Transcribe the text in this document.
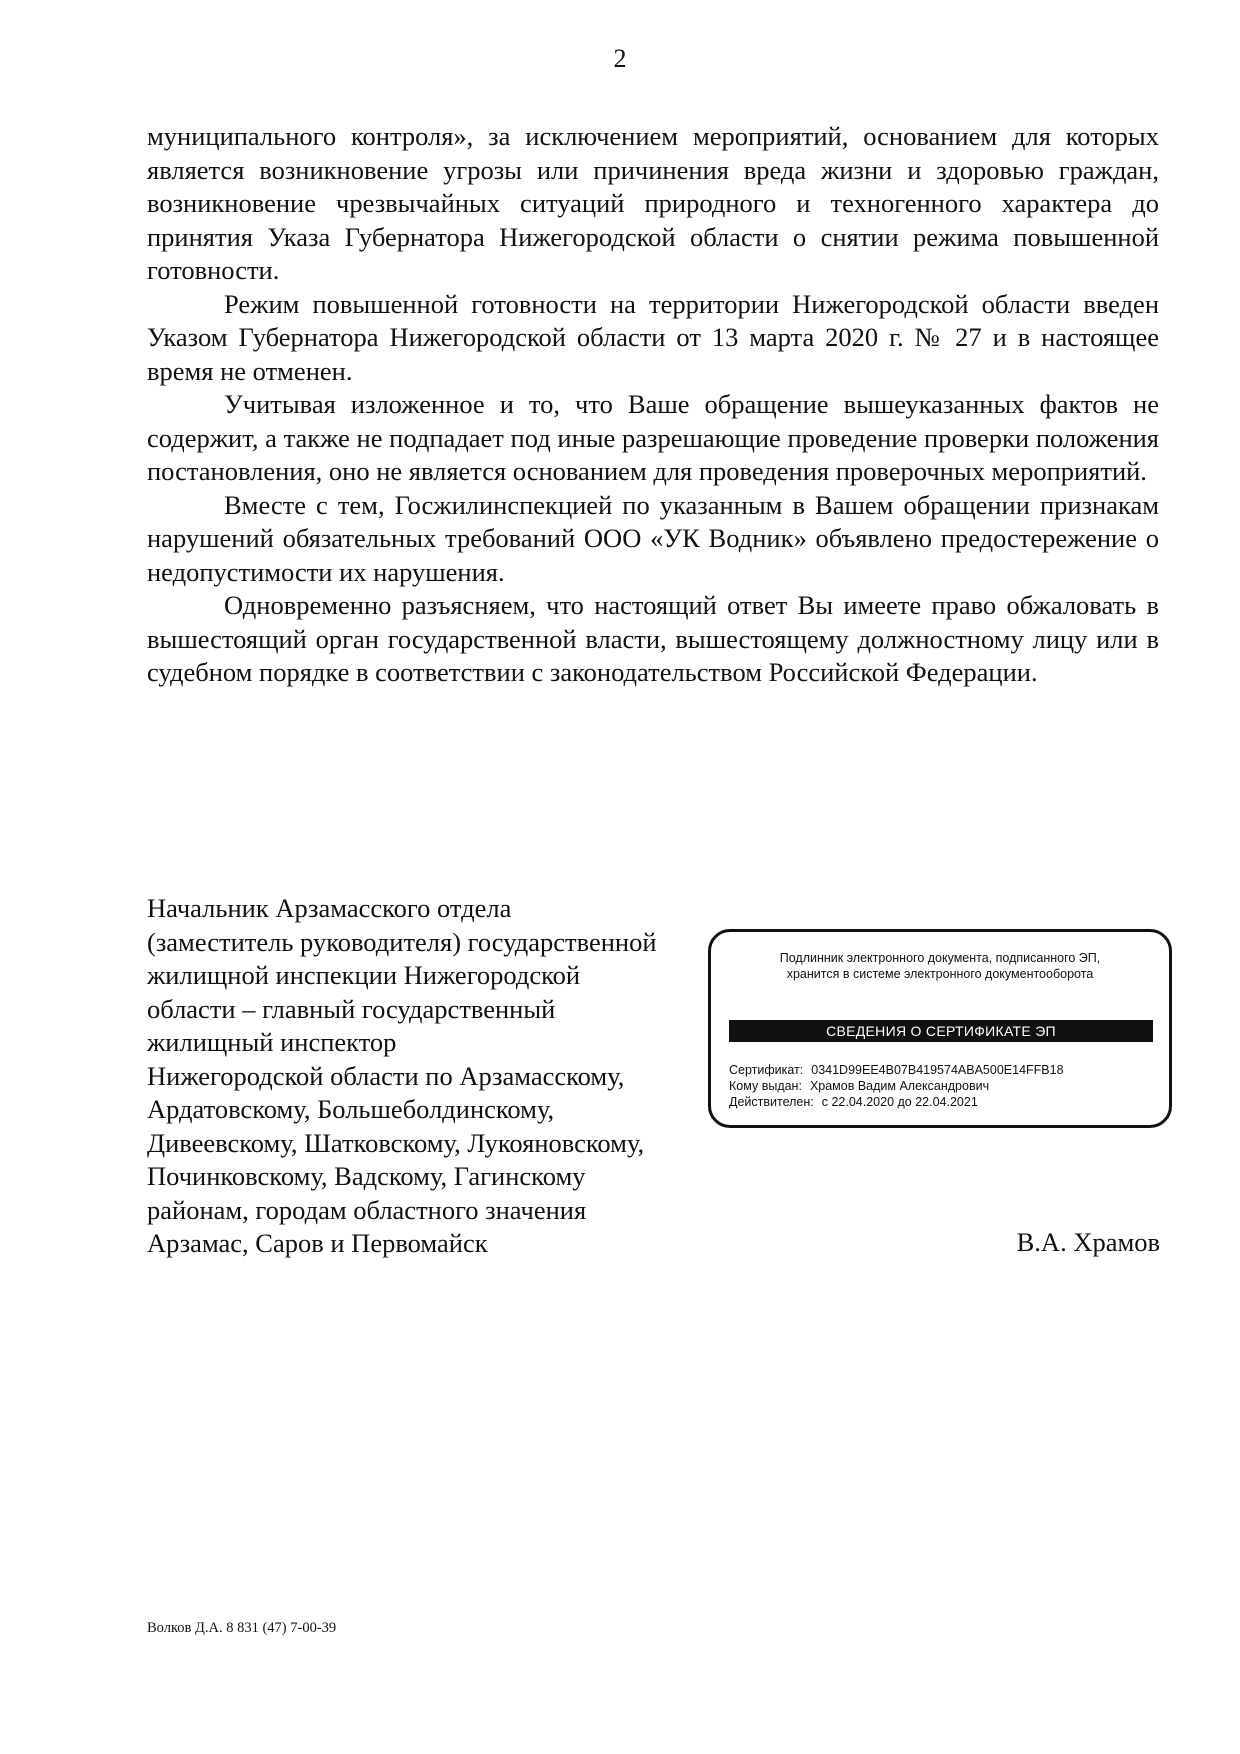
2

муниципального контроля», за исключением мероприятий, основанием для которых является возникновение угрозы или причинения вреда жизни и здоровью граждан, возникновение чрезвычайных ситуаций природного и техногенного характера до принятия Указа Губернатора Нижегородской области о снятии режима повышенной готовности.

Режим повышенной готовности на территории Нижегородской области введен Указом Губернатора Нижегородской области от 13 марта 2020 г. № 27 и в настоящее время не отменен.

Учитывая изложенное и то, что Ваше обращение вышеуказанных фактов не содержит, а также не подпадает под иные разрешающие проведение проверки положения постановления, оно не является основанием для проведения проверочных мероприятий.

Вместе с тем, Госжилинспекцией по указанным в Вашем обращении признакам нарушений обязательных требований ООО «УК Водник» объявлено предостережение о недопустимости их нарушения.

Одновременно разъясняем, что настоящий ответ Вы имеете право обжаловать в вышестоящий орган государственной власти, вышестоящему должностному лицу или в судебном порядке в соответствии с законодательством Российской Федерации.

Начальник Арзамасского отдела
(заместитель руководителя) государственной
жилищной инспекции Нижегородской
области – главный государственный
жилищный инспектор
Нижегородской области по Арзамасскому,
Ардатовскому, Большеболдинскому,
Дивеевскому, Шатковскому, Лукояновскому,
Починковскому, Вадскому, Гагинскому
районам, городам областного значения
Арзамас, Саров и Первомайск
Подлинник электронного документа, подписанного ЭП,
хранится в системе электронного документооборота
СВЕДЕНИЯ О СЕРТИФИКАТЕ ЭП
Сертификат: 0341D99EE4B07B419574ABA500E14FFB18
Кому выдан: Храмов Вадим Александрович
Действителен: с 22.04.2020 до 22.04.2021
В.А. Храмов
Волков Д.А. 8 831 (47) 7-00-39
